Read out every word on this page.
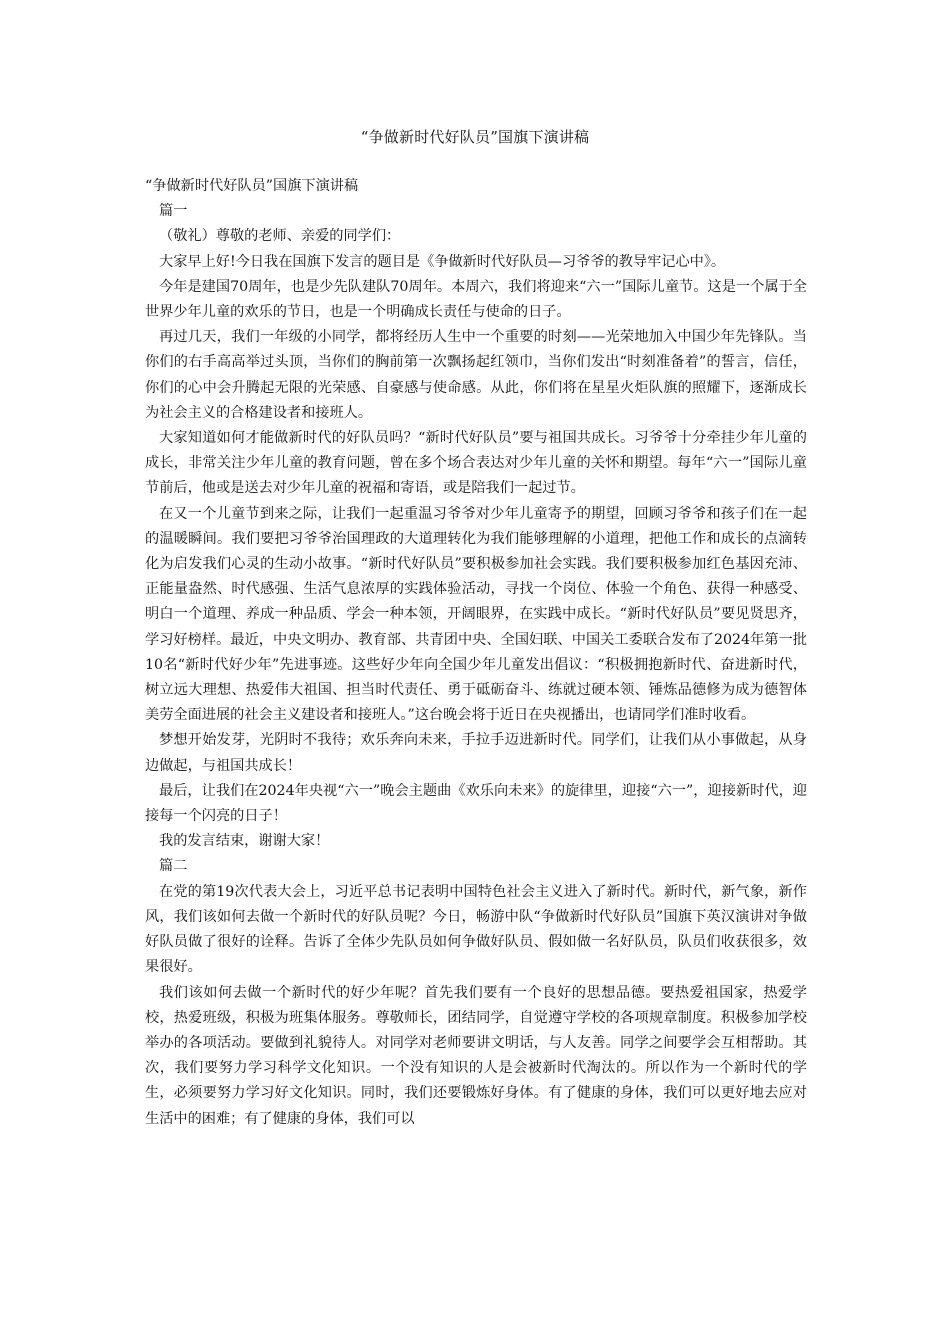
“争做新时代好队员”国旗下演讲稿

“争做新时代好队员”国旗下演讲稿

篇一

（敬礼）尊敬的老师、亲爱的同学们：

大家早上好!今日我在国旗下发言的题目是《争做新时代好队员—习爷爷的教导牢记心中》。

今年是建国70周年，也是少先队建队70周年。本周六，我们将迎来“六一”国际儿童节。这是一个属于全世界少年儿童的欢乐的节日，也是一个明确成长责任与使命的日子。

再过几天，我们一年级的小同学，都将经历人生中一个重要的时刻——光荣地加入中国少年先锋队。当你们的右手高高举过头顶，当你们的胸前第一次飘扬起红领巾，当你们发出“时刻准备着”的誓言，信任，你们的心中会升腾起无限的光荣感、自豪感与使命感。从此，你们将在星星火炬队旗的照耀下，逐渐成长为社会主义的合格建设者和接班人。

大家知道如何才能做新时代的好队员吗？“新时代好队员”要与祖国共成长。习爷爷十分牵挂少年儿童的成长，非常关注少年儿童的教育问题，曾在多个场合表达对少年儿童的关怀和期望。每年“六一”国际儿童节前后，他或是送去对少年儿童的祝福和寄语，或是陪我们一起过节。

在又一个儿童节到来之际，让我们一起重温习爷爷对少年儿童寄予的期望，回顾习爷爷和孩子们在一起的温暖瞬间。我们要把习爷爷治国理政的大道理转化为我们能够理解的小道理，把他工作和成长的点滴转化为启发我们心灵的生动小故事。“新时代好队员”要积极参加社会实践。我们要积极参加红色基因充沛、正能量盎然、时代感强、生活气息浓厚的实践体验活动，寻找一个岗位、体验一个角色、获得一种感受、明白一个道理、养成一种品质、学会一种本领，开阔眼界，在实践中成长。“新时代好队员”要见贤思齐，学习好榜样。最近，中央文明办、教育部、共青团中央、全国妇联、中国关工委联合发布了2024年第一批10名“新时代好少年”先进事迹。这些好少年向全国少年儿童发出倡议：“积极拥抱新时代、奋进新时代，树立远大理想、热爱伟大祖国、担当时代责任、勇于砥砺奋斗、练就过硬本领、锤炼品德修为成为德智体美劳全面进展的社会主义建设者和接班人。”这台晚会将于近日在央视播出，也请同学们准时收看。

梦想开始发芽，光阴时不我待；欢乐奔向未来，手拉手迈进新时代。同学们，让我们从小事做起，从身边做起，与祖国共成长！

最后，让我们在2024年央视“六一”晚会主题曲《欢乐向未来》的旋律里，迎接“六一”，迎接新时代，迎接每一个闪亮的日子！

我的发言结束，谢谢大家！

篇二

在党的第19次代表大会上，习近平总书记表明中国特色社会主义进入了新时代。新时代，新气象，新作风，我们该如何去做一个新时代的好队员呢？今日，畅游中队“争做新时代好队员”国旗下英汉演讲对争做好队员做了很好的诠释。告诉了全体少先队员如何争做好队员、假如做一名好队员，队员们收获很多，效果很好。

我们该如何去做一个新时代的好少年呢？首先我们要有一个良好的思想品德。要热爱祖国家，热爱学校，热爱班级，积极为班集体服务。尊敬师长，团结同学，自觉遵守学校的各项规章制度。积极参加学校举办的各项活动。要做到礼貌待人。对同学对老师要讲文明话，与人友善。同学之间要学会互相帮助。其次，我们要努力学习科学文化知识。一个没有知识的人是会被新时代淘汰的。所以作为一个新时代的学生，必须要努力学习好文化知识。同时，我们还要锻炼好身体。有了健康的身体，我们可以更好地去应对生活中的困难；有了健康的身体，我们可以
